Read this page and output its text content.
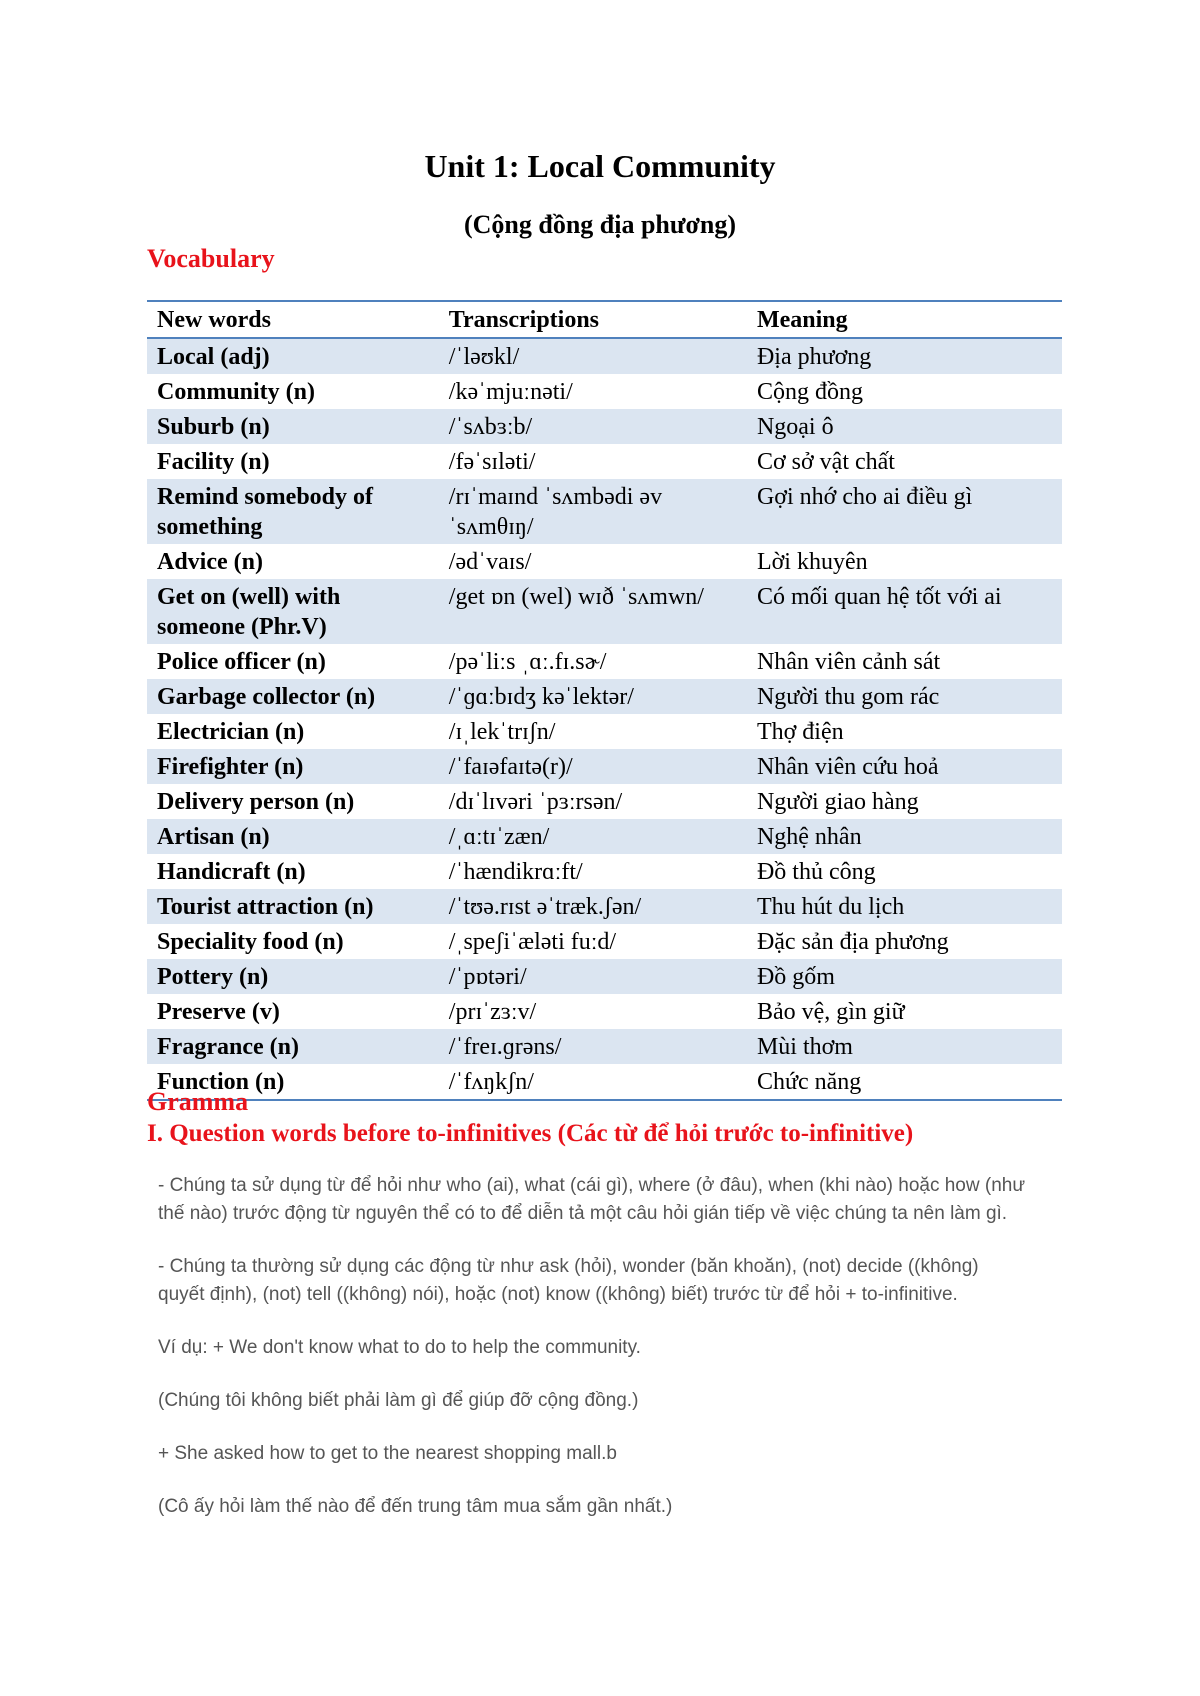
Unit 1: Local Community
(Cộng đồng địa phương)
Vocabulary
New words	Transcriptions	Meaning
Local (adj)	/ˈləʊkl/	Địa phương
Community (n)	/kəˈmjuːnəti/	Cộng đồng
Suburb (n)	/ˈsʌbɜːb/	Ngoại ô
Facility (n)	/fəˈsɪləti/	Cơ sở vật chất
Remind somebody of something	/rɪˈmaɪnd ˈsʌmbədi əv ˈsʌmθɪŋ/	Gợi nhớ cho ai điều gì
Advice (n)	/ədˈvaɪs/	Lời khuyên
Get on (well) with someone (Phr.V)	/get ɒn (wel) wɪð ˈsʌmwn/	Có mối quan hệ tốt với ai
Police officer (n)	/pəˈliːs ˌɑː.fɪ.sɚ/	Nhân viên cảnh sát
Garbage collector (n)	/ˈɡɑːbɪdʒ kəˈlektər/	Người thu gom rác
Electrician (n)	/ɪˌlekˈtrɪʃn/	Thợ điện
Firefighter (n)	/ˈfaɪəfaɪtə(r)/	Nhân viên cứu hoả
Delivery person (n)	/dɪˈlɪvəri ˈpɜːrsən/	Người giao hàng
Artisan (n)	/ˌɑːtɪˈzæn/	Nghệ nhân
Handicraft (n)	/ˈhændikrɑːft/	Đồ thủ công
Tourist attraction (n)	/ˈtʊə.rɪst əˈtræk.ʃən/	Thu hút du lịch
Speciality food (n)	/ˌspeʃiˈæləti fuːd/	Đặc sản địa phương
Pottery (n)	/ˈpɒtəri/	Đồ gốm
Preserve (v)	/prɪˈzɜːv/	Bảo vệ, gìn giữ
Fragrance (n)	/ˈfreɪ.ɡrəns/	Mùi thơm
Function (n)	/ˈfʌŋkʃn/	Chức năng
Gramma
I. Question words before to-infinitives (Các từ để hỏi trước to-infinitive)

- Chúng ta sử dụng từ để hỏi như who (ai), what (cái gì), where (ở đâu), when (khi nào) hoặc how (như thế nào) trước động từ nguyên thể có to để diễn tả một câu hỏi gián tiếp về việc chúng ta nên làm gì.

- Chúng ta thường sử dụng các động từ như ask (hỏi), wonder (băn khoăn), (not) decide ((không) quyết định), (not) tell ((không) nói), hoặc (not) know ((không) biết) trước từ để hỏi + to-infinitive.

Ví dụ: + We don't know what to do to help the community.

(Chúng tôi không biết phải làm gì để giúp đỡ cộng đồng.)

+ She asked how to get to the nearest shopping mall.b

(Cô ấy hỏi làm thế nào để đến trung tâm mua sắm gần nhất.)
